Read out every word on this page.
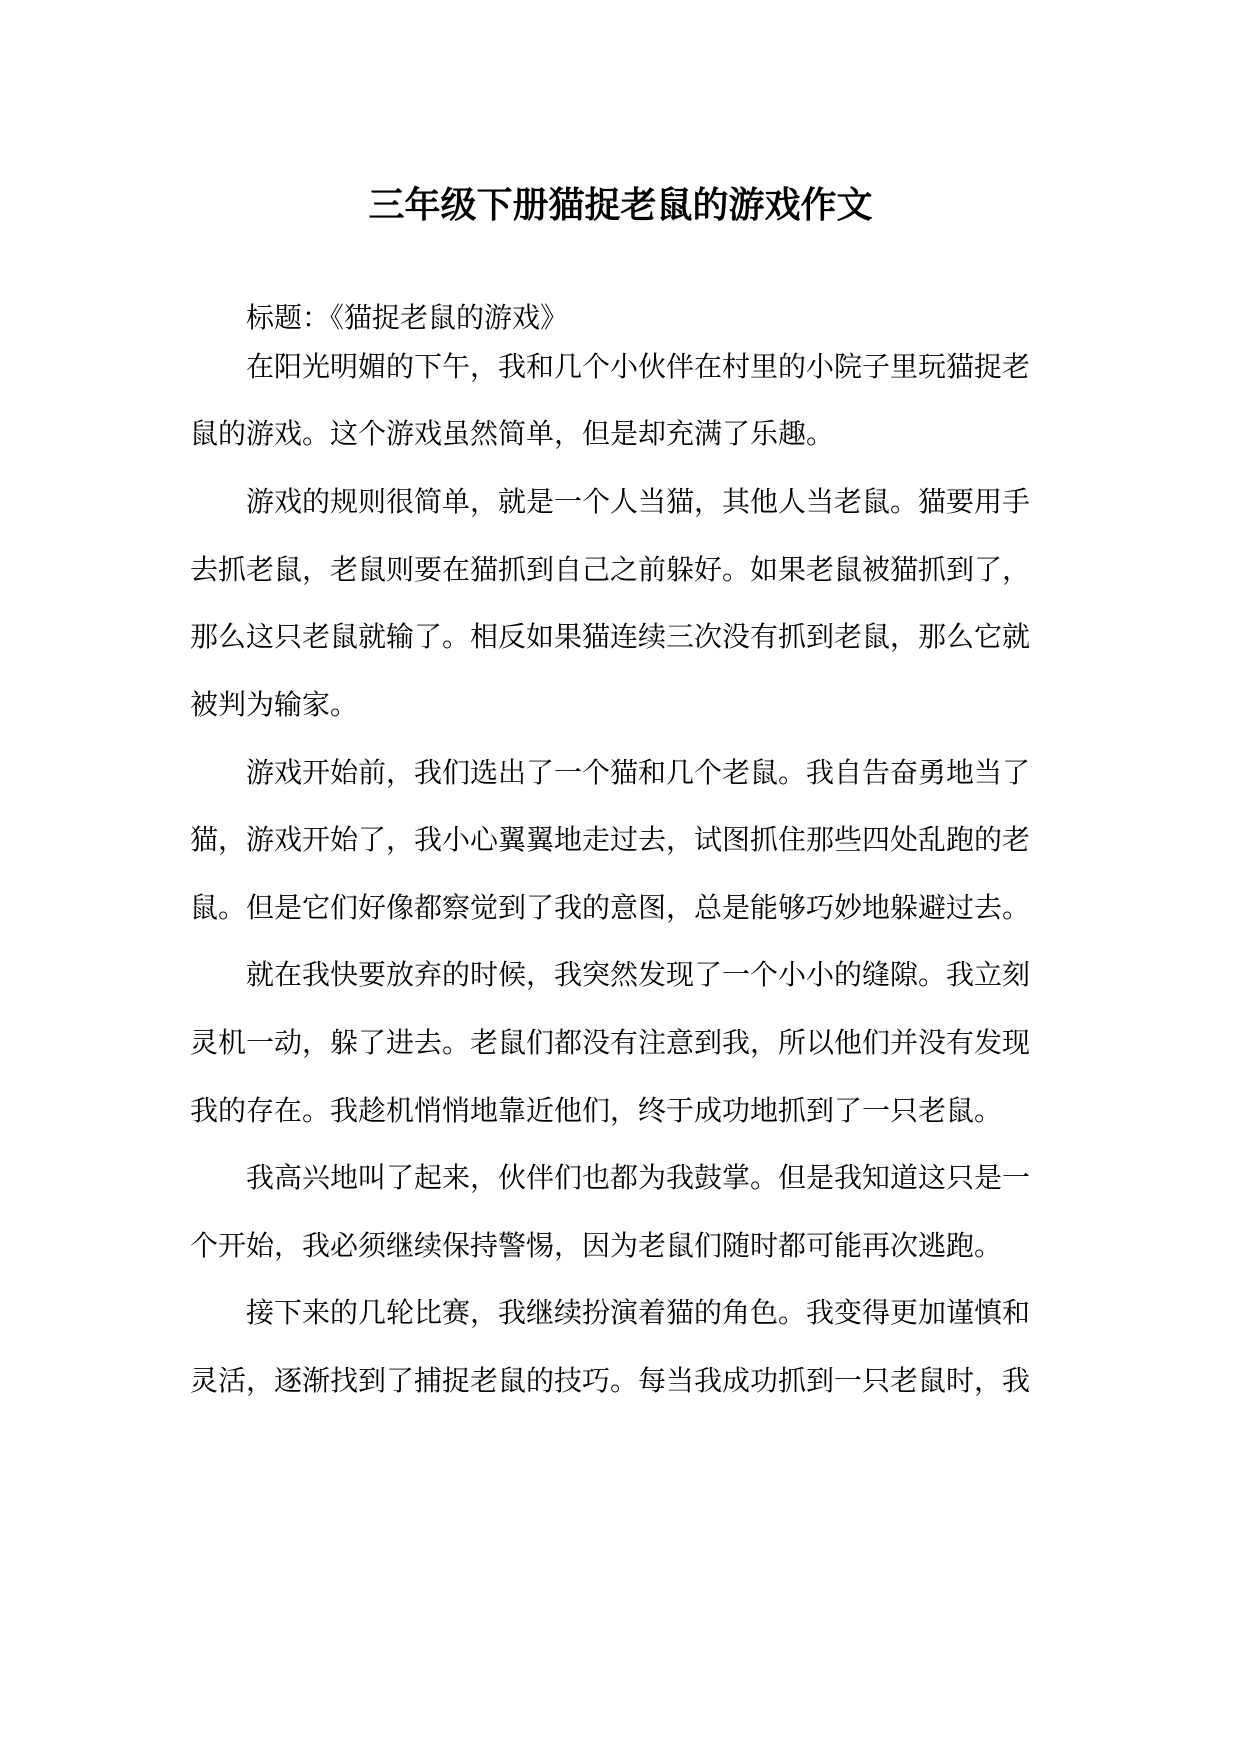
三年级下册猫捉老鼠的游戏作文

标题：《猫捉老鼠的游戏》

在阳光明媚的下午，我和几个小伙伴在村里的小院子里玩猫捉老

鼠的游戏。这个游戏虽然简单，但是却充满了乐趣。

游戏的规则很简单，就是一个人当猫，其他人当老鼠。猫要用手

去抓老鼠，老鼠则要在猫抓到自己之前躲好。如果老鼠被猫抓到了，

那么这只老鼠就输了。相反如果猫连续三次没有抓到老鼠，那么它就

被判为输家。

游戏开始前，我们选出了一个猫和几个老鼠。我自告奋勇地当了

猫，游戏开始了，我小心翼翼地走过去，试图抓住那些四处乱跑的老

鼠。但是它们好像都察觉到了我的意图，总是能够巧妙地躲避过去。

就在我快要放弃的时候，我突然发现了一个小小的缝隙。我立刻

灵机一动，躲了进去。老鼠们都没有注意到我，所以他们并没有发现

我的存在。我趁机悄悄地靠近他们，终于成功地抓到了一只老鼠。

我高兴地叫了起来，伙伴们也都为我鼓掌。但是我知道这只是一

个开始，我必须继续保持警惕，因为老鼠们随时都可能再次逃跑。

接下来的几轮比赛，我继续扮演着猫的角色。我变得更加谨慎和

灵活，逐渐找到了捕捉老鼠的技巧。每当我成功抓到一只老鼠时，我
